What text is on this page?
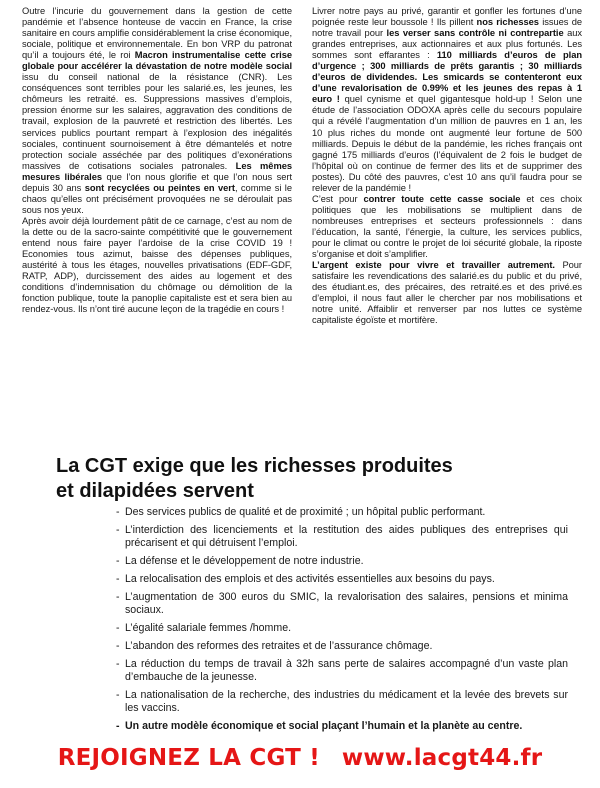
Outre l’incurie du gouvernement dans la gestion de cette pandémie et l’absence honteuse de vaccin en France, la crise sanitaire en cours amplifie considérablement la crise économique, sociale, politique et environnementale. En bon VRP du patronat qu’il a toujours été, le roi Macron instrumentalise cette crise globale pour accélérer la dévastation de notre modèle social issu du conseil national de la résistance (CNR). Les conséquences sont terribles pour les salarié.es, les jeunes, les chômeurs les retraité. es. Suppressions massives d’emplois, pression énorme sur les salaires, aggravation des conditions de travail, explosion de la pauvreté et restriction des libertés. Les services publics pourtant rempart à l’explosion des inégalités sociales, continuent sournoisement à être démantelés et notre protection sociale asséchée par des politiques d’exonérations massives de cotisations sociales patronales. Les mêmes mesures libérales que l’on nous glorifie et que l’on nous sert depuis 30 ans sont recyclées ou peintes en vert, comme si le chaos qu’elles ont précisément provoquées ne se déroulait pas sous nos yeux.

Après avoir déjà lourdement pâtit de ce carnage, c’est au nom de la dette ou de la sacro-sainte compétitivité que le gouvernement entend nous faire payer l’ardoise de la crise COVID 19 ! Economies tous azimut, baisse des dépenses publiques, austérité à tous les étages, nouvelles privatisations (EDF-GDF, RATP, ADP), durcissement des aides au logement et des conditions d’indemnisation du chômage ou démolition de la fonction publique, toute la panoplie capitaliste est et sera bien au rendez-vous. Ils n’ont tiré aucune leçon de la tragédie en cours !

Livrer notre pays au privé, garantir et gonfler les fortunes d’une poignée reste leur boussole ! Ils pillent nos richesses issues de notre travail pour les verser sans contrôle ni contrepartie aux grandes entreprises, aux actionnaires et aux plus fortunés. Les sommes sont effarantes : 110 milliards d’euros de plan d’urgence ; 300 milliards de prêts garantis ; 30 milliards d’euros de dividendes. Les smicards se contenteront eux d’une revalorisation de 0.99% et les jeunes des repas à 1 euro ! quel cynisme et quel gigantesque hold-up ! Selon une étude de l’association ODOXA après celle du secours populaire qui a révélé l’augmentation d’un million de pauvres en 1 an, les 10 plus riches du monde ont augmenté leur fortune de 500 milliards. Depuis le début de la pandémie, les riches français ont gagné 175 milliards d’euros (l’équivalent de 2 fois le budget de l’hôpital où on continue de fermer des lits et de supprimer des postes). Du côté des pauvres, c’est 10 ans qu’il faudra pour se relever de la pandémie !

C’est pour contrer toute cette casse sociale et ces choix politiques que les mobilisations se multiplient dans de nombreuses entreprises et secteurs professionnels : dans l’éducation, la santé, l’énergie, la culture, les services publics, pour le climat ou contre le projet de loi sécurité globale, la riposte s’organise et doit s’amplifier.

L’argent existe pour vivre et travailler autrement. Pour satisfaire les revendications des salarié.es du public et du privé, des étudiant.es, des précaires, des retraité.es et des privé.es d’emploi, il nous faut aller le chercher par nos mobilisations et notre unité. Affaiblir et renverser par nos luttes ce système capitaliste égoïste et mortifère.

La CGT exige que les richesses produites
et dilapidées servent
- Des services publics de qualité et de proximité ; un hôpital public performant.
- L’interdiction des licenciements et la restitution des aides publiques des entreprises qui précarisent et qui détruisent l’emploi.
- La défense et le développement de notre industrie.
- La relocalisation des emplois et des activités essentielles aux besoins du pays.
- L’augmentation de 300 euros du SMIC, la revalorisation des salaires, pensions et minima sociaux.
- L’égalité salariale femmes /homme.
- L’abandon des reformes des retraites et de l’assurance chômage.
- La réduction du temps de travail à 32h sans perte de salaires accompagné d’un vaste plan d’embauche de la jeunesse.
- La nationalisation de la recherche, des industries du médicament et la levée des brevets sur les vaccins.
- Un autre modèle économique et social plaçant l’humain et la planète au centre.
REJOIGNEZ LA CGT ! www.lacgt44.fr
